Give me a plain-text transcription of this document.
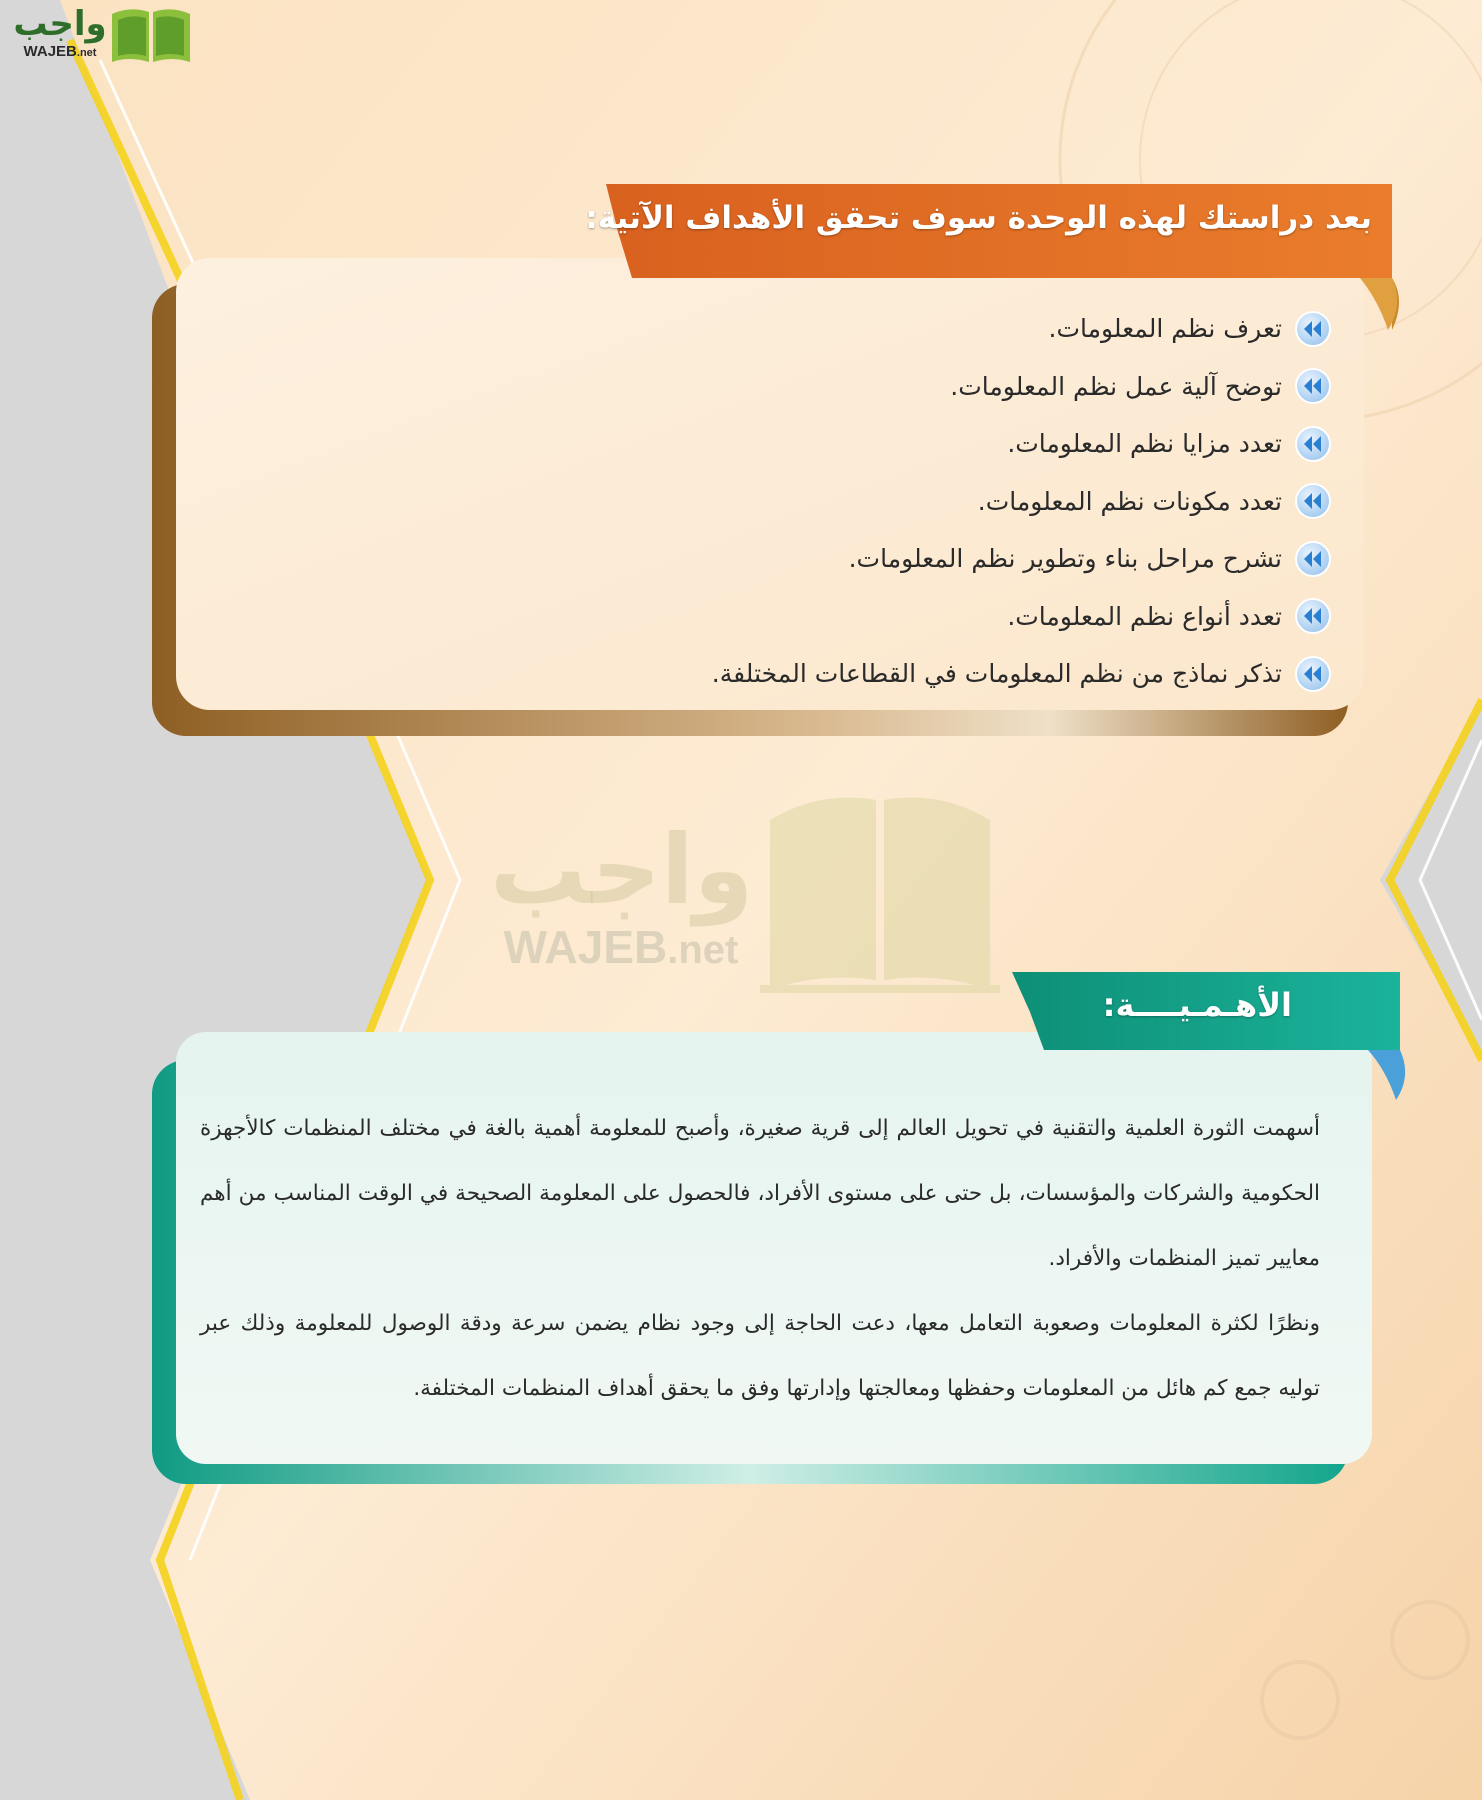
واجب
WAJEB.net
بعد دراستك لهذه الوحدة سوف تحقق الأهداف الآتية:
تعرف نظم المعلومات.
توضح آلية عمل نظم المعلومات.
تعدد مزايا نظم المعلومات.
تعدد مكونات نظم المعلومات.
تشرح مراحل بناء وتطوير نظم المعلومات.
تعدد أنواع نظم المعلومات.
تذكر نماذج من نظم المعلومات في القطاعات المختلفة.
واجب
WAJEB.net
الأهـمـيــــة:

أسهمت الثورة العلمية والتقنية في تحويل العالم إلى قرية صغيرة، وأصبح للمعلومة أهمية بالغة في مختلف المنظمات كالأجهزة الحكومية والشركات والمؤسسات، بل حتى على مستوى الأفراد، فالحصول على المعلومة الصحيحة في الوقت المناسب من أهم معايير تميز المنظمات والأفراد.

ونظرًا لكثرة المعلومات وصعوبة التعامل معها، دعت الحاجة إلى وجود نظام يضمن سرعة ودقة الوصول للمعلومة وذلك عبر توليه جمع كم هائل من المعلومات وحفظها ومعالجتها وإدارتها وفق ما يحقق أهداف المنظمات المختلفة.
